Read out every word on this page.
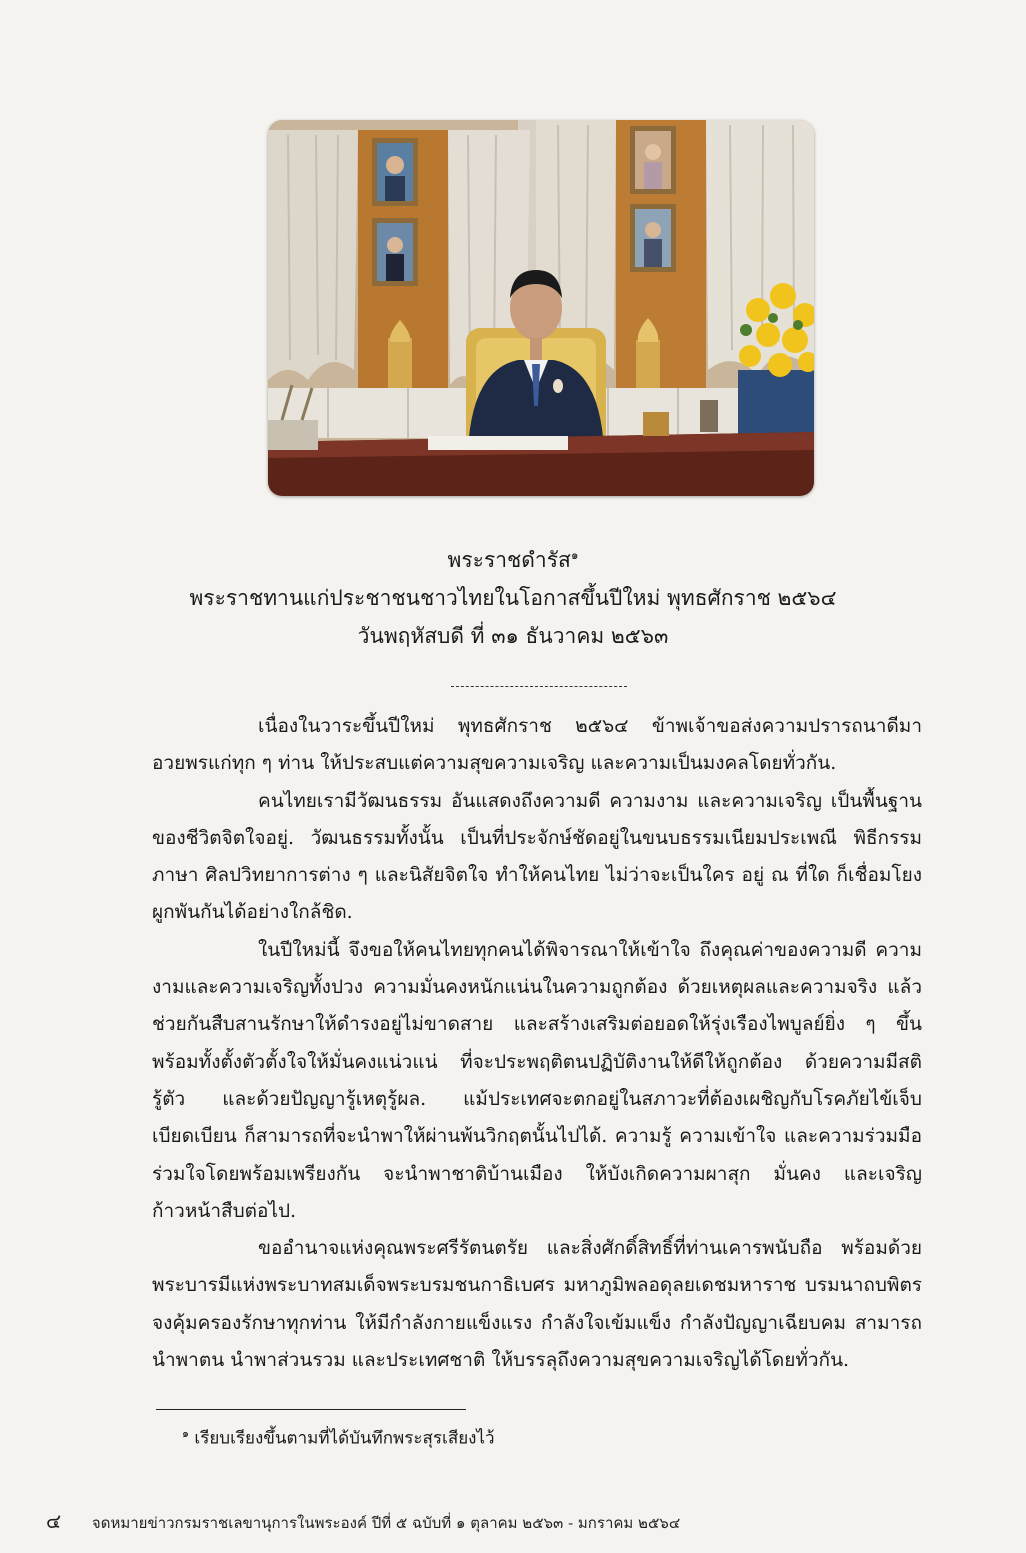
พระราชดำรัส$^๑$
พระราชทานแก่ประชาชนชาวไทยในโอกาสขึ้นปีใหม่ พุทธศักราช ๒๕๖๔
วันพฤหัสบดี ที่ ๓๑ ธันวาคม ๒๕๖๓

เนื่องในวาระขึ้นปีใหม่ พุทธศักราช ๒๕๖๔ ข้าพเจ้าขอส่งความปรารถนาดีมาอวยพรแก่ทุก ๆ ท่าน ให้ประสบแต่ความสุขความเจริญ และความเป็นมงคลโดยทั่วกัน.

คนไทยเรามีวัฒนธรรม อันแสดงถึงความดี ความงาม และความเจริญ เป็นพื้นฐานของชีวิตจิตใจอยู่. วัฒนธรรมทั้งนั้น เป็นที่ประจักษ์ชัดอยู่ในขนบธรรมเนียมประเพณี พิธีกรรม ภาษา ศิลปวิทยาการต่าง ๆ และนิสัยจิตใจ ทำให้คนไทย ไม่ว่าจะเป็นใคร อยู่ ณ ที่ใด ก็เชื่อมโยงผูกพันกันได้อย่างใกล้ชิด.

ในปีใหม่นี้ จึงขอให้คนไทยทุกคนได้พิจารณาให้เข้าใจ ถึงคุณค่าของความดี ความงามและความเจริญทั้งปวง ความมั่นคงหนักแน่นในความถูกต้อง ด้วยเหตุผลและความจริง แล้วช่วยกันสืบสานรักษาให้ดำรงอยู่ไม่ขาดสาย และสร้างเสริมต่อยอดให้รุ่งเรืองไพบูลย์ยิ่ง ๆ ขึ้น พร้อมทั้งตั้งตัวตั้งใจให้มั่นคงแน่วแน่ ที่จะประพฤติตนปฏิบัติงานให้ดีให้ถูกต้อง ด้วยความมีสติรู้ตัว และด้วยปัญญารู้เหตุรู้ผล. แม้ประเทศจะตกอยู่ในสภาวะที่ต้องเผชิญกับโรคภัยไข้เจ็บเบียดเบียน ก็สามารถที่จะนำพาให้ผ่านพ้นวิกฤตนั้นไปได้. ความรู้ ความเข้าใจ และความร่วมมือร่วมใจโดยพร้อมเพรียงกัน จะนำพาชาติบ้านเมือง ให้บังเกิดความผาสุก มั่นคง และเจริญก้าวหน้าสืบต่อไป.

ขออำนาจแห่งคุณพระศรีรัตนตรัย และสิ่งศักดิ์สิทธิ์ที่ท่านเคารพนับถือ พร้อมด้วยพระบารมีแห่งพระบาทสมเด็จพระบรมชนกาธิเบศร มหาภูมิพลอดุลยเดชมหาราช บรมนาถบพิตร จงคุ้มครองรักษาทุกท่าน ให้มีกำลังกายแข็งแรง กำลังใจเข้มแข็ง กำลังปัญญาเฉียบคม สามารถนำพาตน นำพาส่วนรวม และประเทศชาติ ให้บรรลุถึงความสุขความเจริญได้โดยทั่วกัน.

$^๑$ เรียบเรียงขึ้นตามที่ได้บันทึกพระสุรเสียงไว้
๔ จดหมายข่าวกรมราชเลขานุการในพระองค์ ปีที่ ๕ ฉบับที่ ๑ ตุลาคม ๒๕๖๓ - มกราคม ๒๕๖๔
